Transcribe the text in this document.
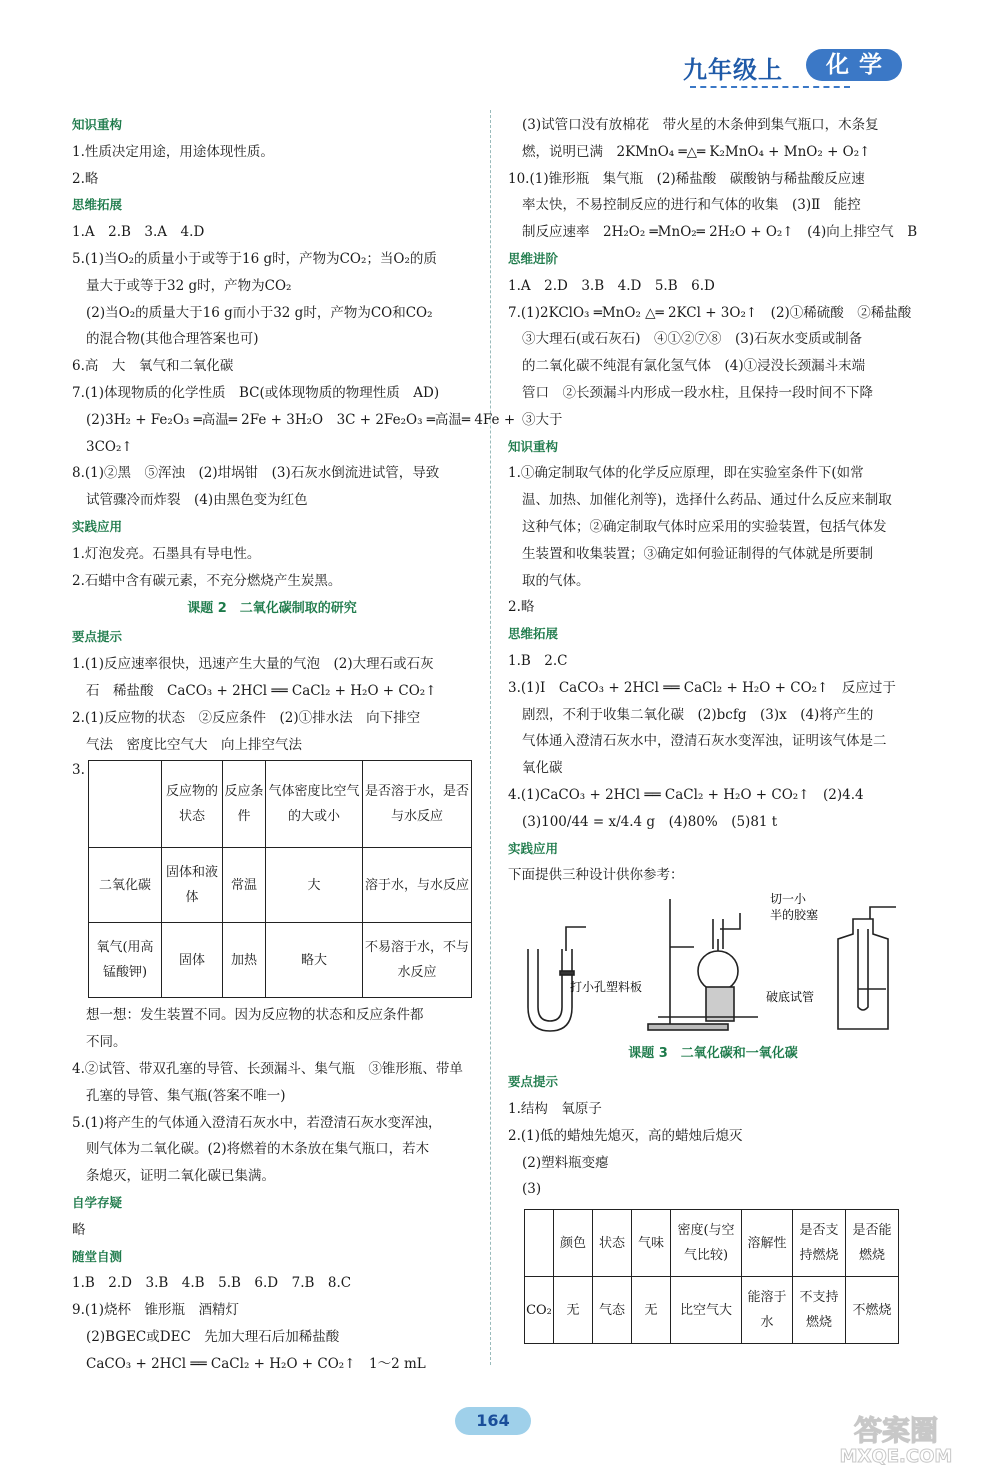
九年级上	化学
知识重构
1.性质决定用途，用途体现性质。
2.略
思维拓展
1.A　2.B　3.A　4.D
5.(1)当O₂的质量小于或等于16 g时，产物为CO₂；当O₂的质
量大于或等于32 g时，产物为CO₂
(2)当O₂的质量大于16 g而小于32 g时，产物为CO和CO₂
的混合物(其他合理答案也可)
6.高　大　氧气和二氧化碳
7.(1)体现物质的化学性质　BC(或体现物质的物理性质　AD)
(2)3H₂ + Fe₂O₃ ═高温═ 2Fe + 3H₂O　3C + 2Fe₂O₃ ═高温═ 4Fe +
3CO₂↑
8.(1)②黑　⑤浑浊　(2)坩埚钳　(3)石灰水倒流进试管，导致
试管骤冷而炸裂　(4)由黑色变为红色
实践应用
1.灯泡发亮。石墨具有导电性。
2.石蜡中含有碳元素，不充分燃烧产生炭黑。
课题 2　二氧化碳制取的研究
要点提示
1.(1)反应速率很快，迅速产生大量的气泡　(2)大理石或石灰
石　稀盐酸　CaCO₃ + 2HCl ══ CaCl₂ + H₂O + CO₂↑
2.(1)反应物的状态　②反应条件　(2)①排水法　向下排空
气法　密度比空气大　向上排空气法
3.
	反应物的状态	反应条件	气体密度比空气的大或小	是否溶于水，是否与水反应
二氧化碳	固体和液体	常温	大	溶于水，与水反应
氧气(用高锰酸钾)	固体	加热	略大	不易溶于水，不与水反应
想一想：发生装置不同。因为反应物的状态和反应条件都
不同。
4.②试管、带双孔塞的导管、长颈漏斗、集气瓶　③锥形瓶、带单
孔塞的导管、集气瓶(答案不唯一)
5.(1)将产生的气体通入澄清石灰水中，若澄清石灰水变浑浊，
则气体为二氧化碳。(2)将燃着的木条放在集气瓶口，若木
条熄灭，证明二氧化碳已集满。
自学存疑
略
随堂自测
1.B　2.D　3.B　4.B　5.B　6.D　7.B　8.C
9.(1)烧杯　锥形瓶　酒精灯
(2)BGEC或DEC　先加大理石后加稀盐酸
CaCO₃ + 2HCl ══ CaCl₂ + H₂O + CO₂↑　1～2 mL
(3)试管口没有放棉花　带火星的木条伸到集气瓶口，木条复
燃，说明已满　2KMnO₄ ═△═ K₂MnO₄ + MnO₂ + O₂↑
10.(1)锥形瓶　集气瓶　(2)稀盐酸　碳酸钠与稀盐酸反应速
率太快，不易控制反应的进行和气体的收集　(3)Ⅱ　能控
制反应速率　2H₂O₂ ═MnO₂═ 2H₂O + O₂↑　(4)向上排空气　B
思维进阶
1.A　2.D　3.B　4.D　5.B　6.D
7.(1)2KClO₃ ═MnO₂ △═ 2KCl + 3O₂↑　(2)①稀硫酸　②稀盐酸
③大理石(或石灰石)　④①②⑦⑧　(3)石灰水变质或制备
的二氧化碳不纯混有氯化氢气体　(4)①浸没长颈漏斗末端
管口　②长颈漏斗内形成一段水柱，且保持一段时间不下降
③大于
知识重构
1.①确定制取气体的化学反应原理，即在实验室条件下(如常
温、加热、加催化剂等)，选择什么药品、通过什么反应来制取
这种气体；②确定制取气体时应采用的实验装置，包括气体发
生装置和收集装置；③确定如何验证制得的气体就是所要制
取的气体。
2.略
思维拓展
1.B　2.C
3.(1)Ⅰ　CaCO₃ + 2HCl ══ CaCl₂ + H₂O + CO₂↑　反应过于
剧烈，不利于收集二氧化碳　(2)bcfg　(3)x　(4)将产生的
气体通入澄清石灰水中，澄清石灰水变浑浊，证明该气体是二
氧化碳
4.(1)CaCO₃ + 2HCl ══ CaCl₂ + H₂O + CO₂↑　(2)4.4
(3)100/44 = x/4.4 g　(4)80%　(5)81 t
实践应用
下面提供三种设计供你参考：
打小孔塑料板
切一小
半的胶塞
破底试管
课题 3　二氧化碳和一氧化碳
要点提示
1.结构　氧原子
2.(1)低的蜡烛先熄灭，高的蜡烛后熄灭
(2)塑料瓶变瘪
(3)
	颜色	状态	气味	密度(与空气比较)	溶解性	是否支持燃烧	是否能燃烧
CO₂	无	气态	无	比空气大	能溶于水	不支持燃烧	不燃烧
164	答案圈
MXQE.COM
